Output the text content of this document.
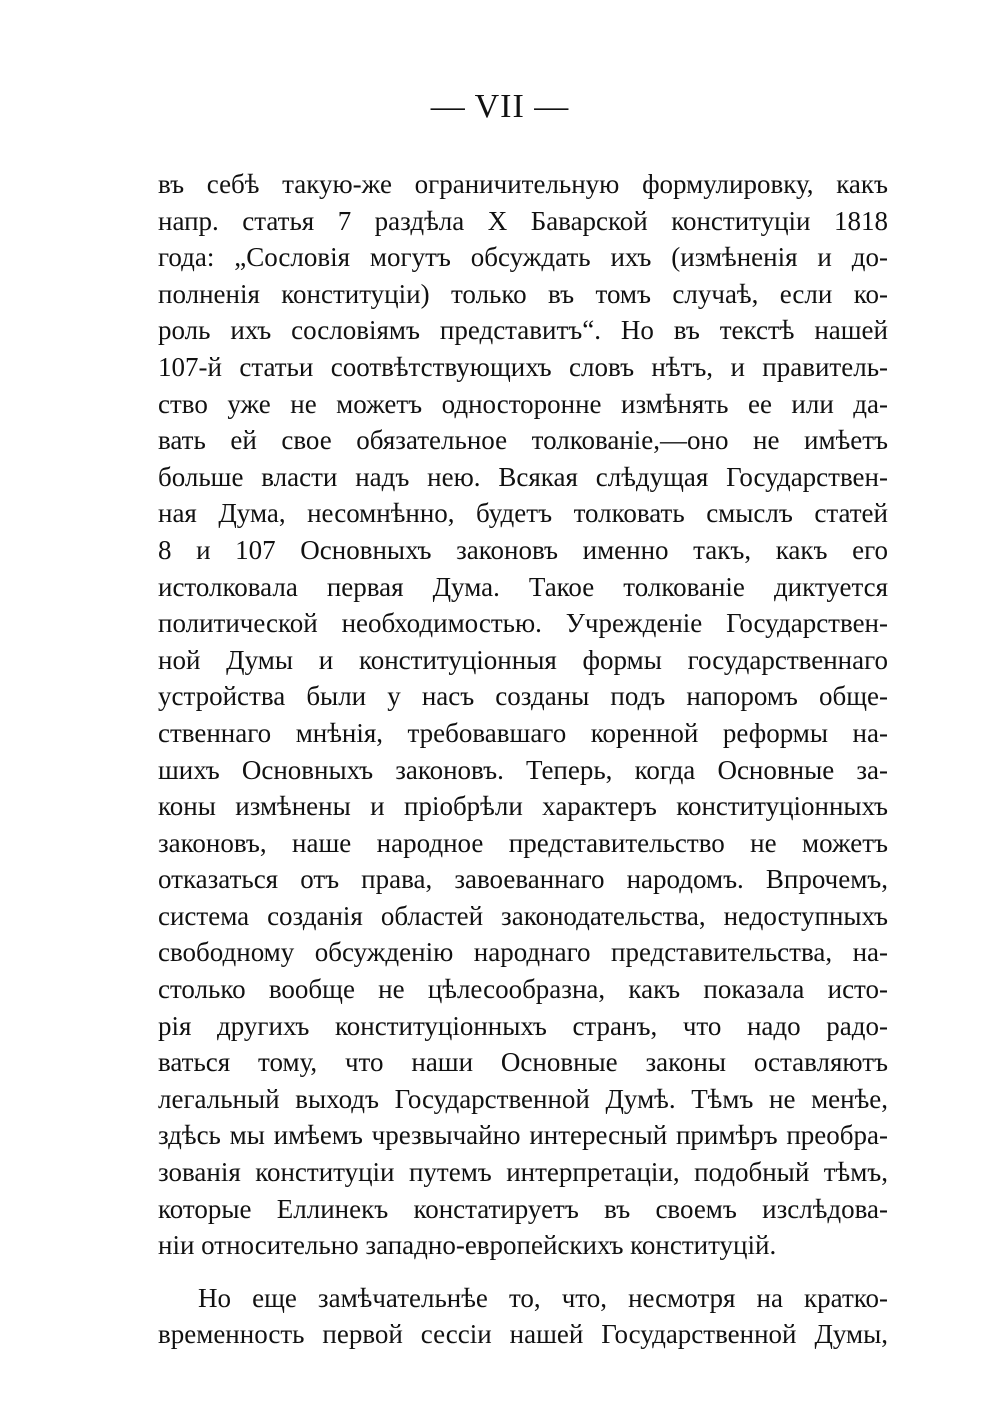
— VII —
въ себѣ такую-же ограничительную формулировку, какъ
напр. статья 7 раздѣла X Баварской конституціи 1818
года: „Сословія могутъ обсуждать ихъ (измѣненія и до-
полненія конституціи) только въ томъ случаѣ, если ко-
роль ихъ сословіямъ представитъ“. Но въ текстѣ нашей
107-й статьи соотвѣтствующихъ словъ нѣтъ, и правитель-
ство уже не можетъ односторонне измѣнять ее или да-
вать ей свое обязательное толкованіе,—оно не имѣетъ
больше власти надъ нею. Всякая слѣдущая Государствен-
ная Дума, несомнѣнно, будетъ толковать смыслъ статей
8 и 107 Основныхъ законовъ именно такъ, какъ его
истолковала первая Дума. Такое толкованіе диктуется
политической необходимостью. Учрежденіе Государствен-
ной Думы и конституціонныя формы государственнаго
устройства были у насъ созданы подъ напоромъ обще-
ственнаго мнѣнія, требовавшаго коренной реформы на-
шихъ Основныхъ законовъ. Теперь, когда Основные за-
коны измѣнены и пріобрѣли характеръ конституціонныхъ
законовъ, наше народное представительство не можетъ
отказаться отъ права, завоеваннаго народомъ. Впрочемъ,
система созданія областей законодательства, недоступныхъ
свободному обсужденію народнаго представительства, на-
столько вообще не цѣлесообразна, какъ показала исто-
рія другихъ конституціонныхъ странъ, что надо радо-
ваться тому, что наши Основные законы оставляютъ
легальный выходъ Государственной Думѣ. Тѣмъ не менѣе,
здѣсь мы имѣемъ чрезвычайно интересный примѣръ преобра-
зованія конституціи путемъ интерпретаціи, подобный тѣмъ,
которые Еллинекъ констатируетъ въ своемъ изслѣдова-
ніи относительно западно-европейскихъ конституцій.
Но еще замѣчательнѣе то, что, несмотря на кратко-
временность первой сессіи нашей Государственной Думы,
